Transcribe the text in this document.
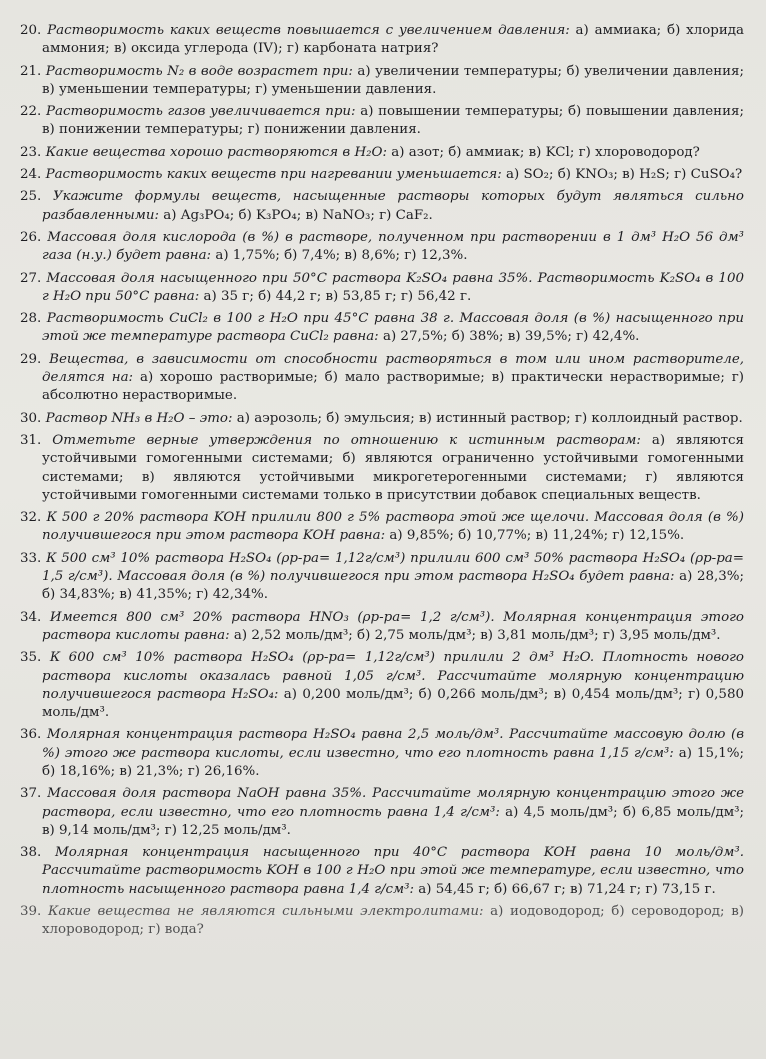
20. Растворимость каких веществ повышается с увеличением давления: а) аммиака; б) хлорида аммония; в) оксида углерода (IV); г) карбоната натрия?

21. Растворимость N₂ в воде возрастет при: а) увеличении температуры; б) увеличении давления; в) уменьшении температуры; г) уменьшении давления.

22. Растворимость газов увеличивается при: а) повышении температуры; б) повышении давления; в) понижении температуры; г) понижении давления.

23. Какие вещества хорошо растворяются в H₂O: а) азот; б) аммиак; в) KCl; г) хлороводород?

24. Растворимость каких веществ при нагревании уменьшается: а) SO₂; б) KNO₃; в) H₂S; г) CuSO₄?

25. Укажите формулы веществ, насыщенные растворы которых будут являться сильно разбавленными: а) Ag₃PO₄; б) K₃PO₄; в) NaNO₃; г) CaF₂.

26. Массовая доля кислорода (в %) в растворе, полученном при растворении в 1 дм³ H₂O 56 дм³ газа (н.у.) будет равна: а) 1,75%; б) 7,4%; в) 8,6%; г) 12,3%.

27. Массовая доля насыщенного при 50°C раствора K₂SO₄ равна 35%. Растворимость K₂SO₄ в 100 г H₂O при 50°C равна: а) 35 г; б) 44,2 г; в) 53,85 г; г) 56,42 г.

28. Растворимость CuCl₂ в 100 г H₂O при 45°C равна 38 г. Массовая доля (в %) насыщенного при этой же температуре раствора CuCl₂ равна: а) 27,5%; б) 38%; в) 39,5%; г) 42,4%.

29. Вещества, в зависимости от способности растворяться в том или ином растворителе, делятся на: а) хорошо растворимые; б) мало растворимые; в) практически нерастворимые; г) абсолютно нерастворимые.

30. Раствор NH₃ в H₂O – это: а) аэрозоль; б) эмульсия; в) истинный раствор; г) коллоидный раствор.

31. Отметьте верные утверждения по отношению к истинным растворам: а) являются устойчивыми гомогенными системами; б) являются ограниченно устойчивыми гомогенными системами; в) являются устойчивыми микрогетерогенными системами; г) являются устойчивыми гомогенными системами только в присутствии добавок специальных веществ.

32. К 500 г 20% раствора KOH прилили 800 г 5% раствора этой же щелочи. Массовая доля (в %) получившегося при этом раствора KOH равна: а) 9,85%; б) 10,77%; в) 11,24%; г) 12,15%.

33. К 500 см³ 10% раствора H₂SO₄ (ρр-ра= 1,12г/см³) прилили 600 см³ 50% раствора H₂SO₄ (ρр-ра= 1,5 г/см³). Массовая доля (в %) получившегося при этом раствора H₂SO₄ будет равна: а) 28,3%; б) 34,83%; в) 41,35%; г) 42,34%.

34. Имеется 800 см³ 20% раствора HNO₃ (ρр-ра= 1,2 г/см³). Молярная концентрация этого раствора кислоты равна: а) 2,52 моль/дм³; б) 2,75 моль/дм³; в) 3,81 моль/дм³; г) 3,95 моль/дм³.

35. К 600 см³ 10% раствора H₂SO₄ (ρр-ра= 1,12г/см³) прилили 2 дм³ H₂O. Плотность нового раствора кислоты оказалась равной 1,05 г/см³. Рассчитайте молярную концентрацию получившегося раствора H₂SO₄: а) 0,200 моль/дм³; б) 0,266 моль/дм³; в) 0,454 моль/дм³; г) 0,580 моль/дм³.

36. Молярная концентрация раствора H₂SO₄ равна 2,5 моль/дм³. Рассчитайте массовую долю (в %) этого же раствора кислоты, если известно, что его плотность равна 1,15 г/см³: а) 15,1%; б) 18,16%; в) 21,3%; г) 26,16%.

37. Массовая доля раствора NaOH равна 35%. Рассчитайте молярную концентрацию этого же раствора, если известно, что его плотность равна 1,4 г/см³: а) 4,5 моль/дм³; б) 6,85 моль/дм³; в) 9,14 моль/дм³; г) 12,25 моль/дм³.

38. Молярная концентрация насыщенного при 40°C раствора KOH равна 10 моль/дм³. Рассчитайте растворимость KOH в 100 г H₂O при этой же температуре, если известно, что плотность насыщенного раствора равна 1,4 г/см³: а) 54,45 г; б) 66,67 г; в) 71,24 г; г) 73,15 г.

39. Какие вещества не являются сильными электролитами: а) иодоводород; б) сероводород; в) хлороводород; г) вода?
